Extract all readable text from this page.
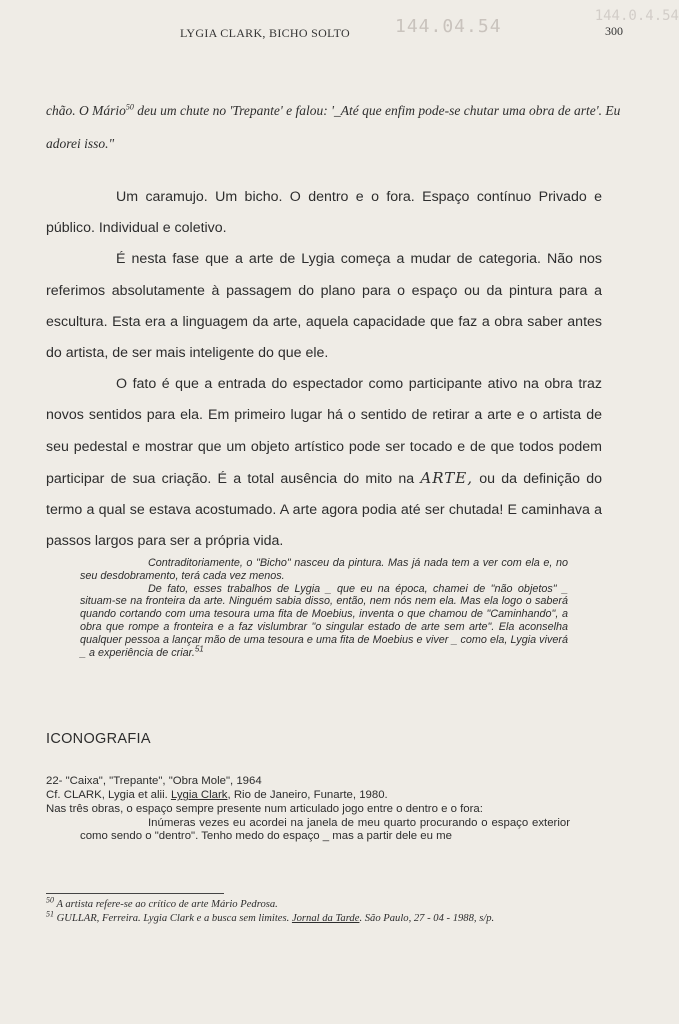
LYGIA CLARK, BICHO SOLTO 144.04.54	144.0.4.54
300
chão. O Mário$^{50}$ deu um chute no 'Trepante' e falou: '_Até que enfim pode-se chutar uma obra de arte'. Eu adorei isso."

Um caramujo. Um bicho. O dentro e o fora. Espaço contínuo Privado e público. Individual e coletivo.

É nesta fase que a arte de Lygia começa a mudar de categoria. Não nos referimos absolutamente à passagem do plano para o espaço ou da pintura para a escultura. Esta era a linguagem da arte, aquela capacidade que faz a obra saber antes do artista, de ser mais inteligente do que ele.

O fato é que a entrada do espectador como participante ativo na obra traz novos sentidos para ela. Em primeiro lugar há o sentido de retirar a arte e o artista de seu pedestal e mostrar que um objeto artístico pode ser tocado e de que todos podem participar de sua criação. É a total ausência do mito na ARTE, ou da definição do termo a qual se estava acostumado. A arte agora podia até ser chutada! E caminhava a passos largos para ser a própria vida.

Contraditoriamente, o "Bicho" nasceu da pintura. Mas já nada tem a ver com ela e, no seu desdobramento, terá cada vez menos.

De fato, esses trabalhos de Lygia _ que eu na época, chamei de "não objetos" _ situam-se na fronteira da arte. Ninguém sabia disso, então, nem nós nem ela. Mas ela logo o saberá quando cortando com uma tesoura uma fita de Moebius, inventa o que chamou de "Caminhando", a obra que rompe a fronteira e a faz vislumbrar "o singular estado de arte sem arte". Ela aconselha qualquer pessoa a lançar mão de uma tesoura e uma fita de Moebius e viver _ como ela, Lygia viverá _ a experiência de criar.$^{51}$

ICONOGRAFIA
22- "Caixa", "Trepante", "Obra Mole", 1964
Cf. CLARK, Lygia et alii. Lygia Clark, Rio de Janeiro, Funarte, 1980.
Nas três obras, o espaço sempre presente num articulado jogo entre o dentro e o fora:

Inúmeras vezes eu acordei na janela de meu quarto procurando o espaço exterior como sendo o "dentro". Tenho medo do espaço _ mas a partir dele eu me

$^{50}$ A artista refere-se ao crítico de arte Mário Pedrosa.
$^{51}$ GULLAR, Ferreira. Lygia Clark e a busca sem limites. Jornal da Tarde. São Paulo, 27 - 04 - 1988, s/p.
